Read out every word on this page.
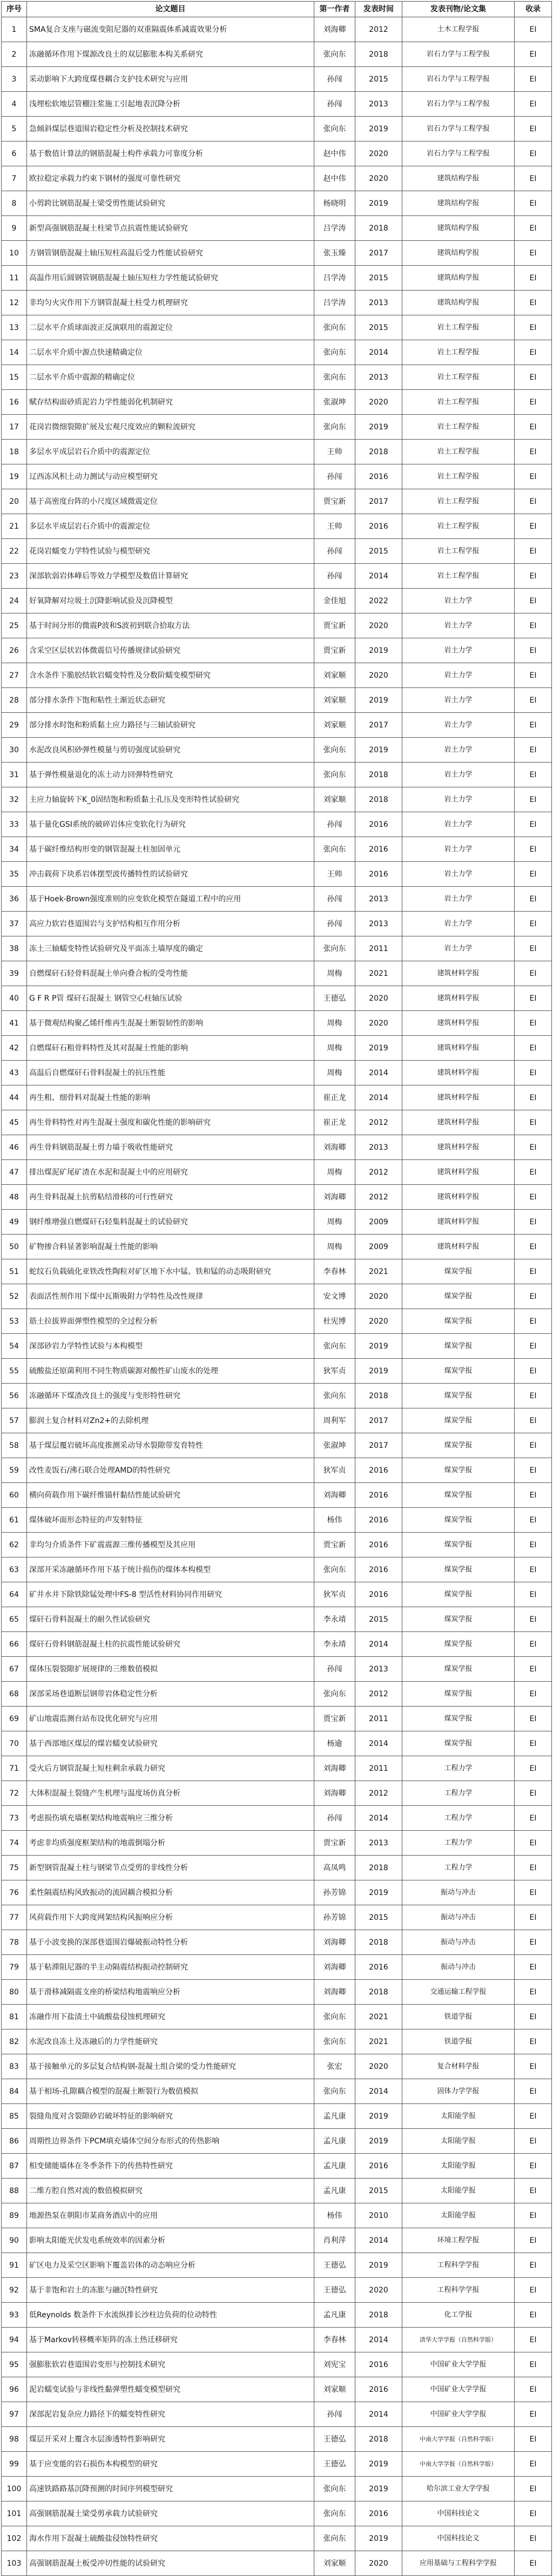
序号	论文题目	第一作者	发表时间	发表刊物/论文集	收录
1	SMA复合支座与磁流变阻尼器的双重隔震体系减震效果分析	刘海卿	2012	土木工程学报	EI
2	冻融循环作用下煤源改良土的双层膨胀本构关系研究	张向东	2018	岩石力学与工程学报	EI
3	采动影响下大跨度煤巷耦合支护技术研究与应用	孙闯	2015	岩石力学与工程学报	EI
4	浅埋松软地层管棚注浆施工引起地表沉降分析	孙闯	2013	岩石力学与工程学报	EI
5	急倾斜煤层巷道围岩稳定性分析及控制技术研究	张向东	2019	岩石力学与工程学报	EI
6	基于数值计算法的钢筋混凝土构件承载力可靠度分析	赵中伟	2020	岩石力学与工程学报	EI
7	欧拉稳定承载力约束下钢材的强度可靠性研究	赵中伟	2020	建筑结构学报	EI
8	小剪跨比钢筋混凝土梁受剪性能试验研究	杨晓明	2019	建筑结构学报	EI
9	新型高强钢筋混凝土柱梁节点抗震性能试验研究	吕学涛	2018	建筑结构学报	EI
10	方钢管钢筋混凝土轴压短柱高温后受力性能试验研究	张玉臻	2017	建筑结构学报	EI
11	高温作用后圆钢管钢筋混凝土轴压短柱力学性能试验研究	吕学涛	2015	建筑结构学报	EI
12	非均匀火灾作用下方钢管混凝土柱受力机理研究	吕学涛	2013	建筑结构学报	EI
13	二层水平介质球面波正反演联用的震源定位	张向东	2015	岩土工程学报	EI
14	二层水平介质中源点快速精确定位	张向东	2014	岩土工程学报	EI
15	二层水平介质中震源的精确定位	张向东	2013	岩土工程学报	EI
16	赋存结构面砂质泥岩力学性能弱化机制研究	张淑坤	2020	岩土工程学报	EI
17	花岗岩微细裂隙扩展及宏观尺度效应的颗粒流研究	张向东	2019	岩土工程学报	EI
18	多层水平成层岩石介质中的震源定位	王帅	2018	岩土工程学报	EI
19	辽西冻风积土动力测试与动应模型研究	孙闯	2016	岩土工程学报	EI
20	基于高密度台阵的小尺度区域微震定位	贾宝新	2017	岩土工程学报	EI
21	多层水平成层岩石介质中的震源定位	王帅	2016	岩土工程学报	EI
22	花岗岩蠕变力学特性试验与模型研究	孙闯	2015	岩土工程学报	EI
23	深部软弱岩体峰后等效力学模型及数值计算研究	孙闯	2014	岩土工程学报	EI
24	好氧降解对垃圾土沉降影响试验及沉降模型	金佳旭	2022	岩土力学	EI
25	基于时间分形的微震P波和S波初到联合拾取方法	贾宝新	2020	岩土力学	EI
26	含采空区层状岩体微震信号传播规律试验研究	贾宝新	2019	岩土力学	EI
27	含水条件下脆胶结软岩蠕变特性及分数阶蠕变模型研究	刘家顺	2020	岩土力学	EI
28	部分排水条件下饱和粘性土渐近状态研究	刘家顺	2019	岩土力学	EI
29	部分排水时饱和粉质黏土应力路径与三轴试验研究	刘家顺	2017	岩土力学	EI
30	水泥改良风积砂弹性模量与剪切强度试验研究	张向东	2019	岩土力学	EI
31	基于弹性模量退化的冻土动力回弹特性研究	张向东	2018	岩土力学	EI
32	主应力轴旋转下K_0固结饱和粉质黏土孔压及变形特性试验研究	刘家顺	2018	岩土力学	EI
33	基于量化GSI系统的破碎岩体应变软化行为研究	孙闯	2016	岩土力学	EI
34	基于碳纤维结构形变的钢管混凝土柱加固单元	张向东	2016	岩土力学	EI
35	冲击载荷下块系岩体摆型波传播特性的试验研究	王帅	2016	岩土力学	EI
36	基于Hoek-Brown强度准则的应变软化模型在隧道工程中的应用	孙闯	2013	岩土力学	EI
37	高应力软岩巷道围岩与支护结构相互作用分析	孙闯	2013	岩土力学	EI
38	冻土三轴蠕变特性试验研究及平面冻土墙厚度的确定	张向东	2011	岩土力学	EI
39	自燃煤矸石轻骨料混凝土单向叠合板的受弯性能	周梅	2021	建筑材料学报	EI
40	G F R P管 煤矸石混凝土 钢管空心柱轴压试验	王德弘	2020	建筑材料学报	EI
41	基于微观结构聚乙烯纤维再生混凝土断裂韧性的影响	周梅	2020	建筑材料学报	EI
42	自燃煤矸石粗骨料特性及其对混凝土性能的影响	周梅	2019	建筑材料学报	EI
43	高温后自燃煤矸石骨料混凝土的抗压性能	周梅	2014	建筑材料学报	EI
44	再生粗、细骨料对混凝土性能的影响	崔正龙	2014	建筑材料学报	EI
45	再生骨料特性对再生混凝土强度和碳化性能的影响研究	崔正龙	2012	建筑材料学报	EI
46	再生骨料钢筋混凝土剪力墙于吸收性能研究	刘海卿	2013	建筑材料学报	EI
47	排出煤泥矿尾矿渣在水泥和混凝土中的应用研究	周梅	2012	建筑材料学报	EI
48	再生骨料混凝土抗剪粘结滑移的可行性研究	刘海卿	2012	建筑材料学报	EI
49	钢纤维增强自燃煤矸石轻集料混凝土的试验研究	周梅	2009	建筑材料学报	EI
50	矿物掺合料显著影响混凝土性能的影响	周梅	2009	建筑材料学报	EI
51	蛇纹石负载硫化亚铁改性陶粒对矿区地下水中锰、铁和锰的动态吸附研究	李春林	2021	煤炭学报	EI
52	表面活性剂作用下煤中瓦斯吸附力学特性及改性规律	安文博	2020	煤炭学报	EI
53	筋土拉拔界面弹塑性模型的全过程分析	杜宪博	2020	煤炭学报	EI
54	深部砂岩力学特性试验与本构模型	张向东	2019	煤炭学报	EI
55	硫酸盐还原菌利用不同生物质碳源对酸性矿山废水的处理	狄军贞	2019	煤炭学报	EI
56	冻融循环下煤渣改良土的强度与变形特性研究	张向东	2018	煤炭学报	EI
57	膨润土复合材料对Zn2+的去除机理	周利军	2017	煤炭学报	EI
58	基于煤层覆岩破坏高度推测采动导水裂隙带发育特性	张淑坤	2017	煤炭学报	EI
59	改性麦饭石/沸石联合处理AMD的特性研究	狄军贞	2016	煤炭学报	EI
60	横向荷载作用下碳纤维锚杆黏结性能试验研究	刘海卿	2016	煤炭学报	EI
61	煤体破坏面形态特征的声发射特征	杨伟	2016	煤炭学报	EI
62	非均匀介质条件下矿震震源三维传播模型及其应用	贾宝新	2016	煤炭学报	EI
63	深部开采冻融循环作用下基于统计损伤的煤体本构模型	张向东	2016	煤炭学报	EI
64	矿井水井下除铁除锰处理中FS-8 型活性材料协同作用研究	狄军贞	2016	煤炭学报	EI
65	煤矸石骨料混凝土的耐久性试验研究	李永靖	2015	煤炭学报	EI
66	煤矸石骨料钢筋混凝土柱的抗震性能试验研究	李永靖	2014	煤炭学报	EI
67	煤体压裂裂隙扩展规律的三维数值模拟	孙闯	2013	煤炭学报	EI
68	深部采场巷道断层钢带岩体稳定性分析	张向东	2012	煤炭学报	EI
69	矿山地震监测台站布设优化研究与应用	贾宝新	2011	煤炭学报	EI
70	基于西部地区煤层的煤岩蠕变试验研究	杨逾	2014	煤炭学报	EI
71	受火后方钢管混凝土短柱剩余承载力研究	刘海卿	2011	工程力学	EI
72	大体积混凝土裂缝产生机理与温度场仿真分析	刘海卿	2012	工程力学	EI
73	考虑损伤填充墙框架结构地震响应三维分析	孙闯	2014	工程力学	EI
74	考虑非均质强度框架结构的地震倒塌分析	贾宝新	2013	工程力学	EI
75	新型钢管混凝土柱与钢梁节点受剪的非线性分析	高凤鸣	2018	工程力学	EI
76	柔性隔震结构风致振动的流固耦合模拟分析	孙芳锦	2019	振动与冲击	EI
77	风荷载作用下大跨度网架结构风振响应分析	孙芳锦	2015	振动与冲击	EI
78	基于小波变换的深部巷道围岩爆破振动特性分析	刘海卿	2018	振动与冲击	EI
79	基于粘滞阻尼器的半主动隔震结构振动控制研究	刘海卿	2016	振动与冲击	EI
80	基于滑移减隔震支座的桥梁结构地震响应分析	刘海卿	2018	交通运输工程学报	EI
81	冻融作用下盐渍土中硫酸盐侵蚀机理研究	张向东	2021	铁道学报	EI
82	水泥改良冻土及冻融后的力学性能研究	张向东	2021	铁道学报	EI
83	基于接触单元的多层复合结构钢-混凝土组合梁的受力性能研究	张宏	2020	复合材料学报	EI
84	基于相场-孔隙耦合模型的混凝土断裂行为数值模拟	张向东	2014	固体力学学报	EI
85	裂缝角度对含裂隙砂岩破坏特征的影响研究	孟凡康	2019	太阳能学报	EI
86	周期性边界条件下PCM填充墙体空间分布形式的传热影响	孟凡康	2019	太阳能学报	EI
87	相变储能墙体在冬季条件下的传热特性研究	孟凡康	2016	太阳能学报	EI
88	二维方腔自然对流的数值模拟研究	孟凡康	2015	太阳能学报	EI
89	地源热泵在朝阳市某商务酒店中的应用	杨伟	2010	太阳能学报	EI
90	影响太阳能光伏发电系统效率的因素分析	肖利萍	2014	环境工程学报	EI
91	矿区电力及采空区影响下覆盖岩体的动态响应分析	王德弘	2019	工程科学学报	EI
92	基于非饱和岩土的冻胀与融沉特性研究	王德弘	2020	工程科学学报	EI
93	低Reynolds 数条件下水流纵排长沙柱边负荷的位动特性	孟凡康	2018	化工学报	EI
94	基于Markov转移概率矩阵的冻土热迁移研究	李春林	2014	清华大学学报（自然科学版）	EI
95	强膨胀软岩巷道围岩变形与控制技术研究	刘宪宝	2016	中国矿业大学学报	EI
96	泥岩蠕变试验与非线性黏弹塑性蠕变模型研究	刘家顺	2016	中国矿业大学学报	EI
97	深部泥岩复杂应力路径下的蠕变特性研究	孙闯	2014	中国矿业大学学报	EI
98	煤层开采对上覆含水层渗透特性影响研究	王德弘	2018	中南大学学报（自然科学版）	EI
99	基于应变能的岩石损伤本构模型的研究	王德弘	2019	中南大学学报（自然科学版）	EI
100	高速铁路路基沉降预测的时间序列模型研究	张向东	2019	哈尔滨工业大学学报	EI
101	高强钢筋混凝土梁受剪承载力试验研究	张向东	2016	中国科技论文	EI
102	海水作用下混凝土硫酸盐侵蚀特性研究	张向东	2019	中国科技论文	EI
103	高强钢筋混凝土板受冲切性能的试验研究	刘家顺	2020	应用基础与工程科学学报	EI
